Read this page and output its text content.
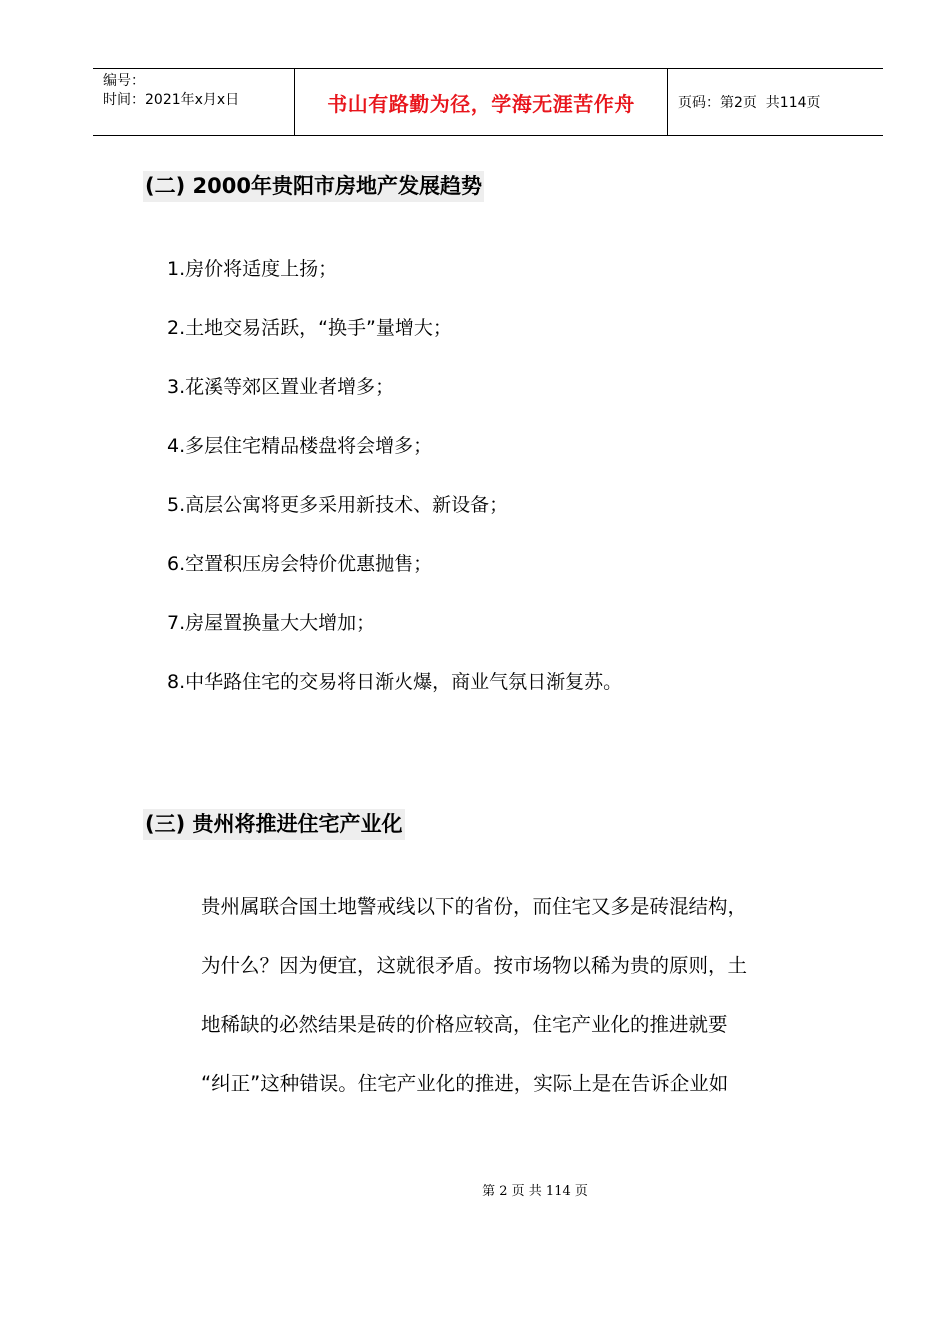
编号：
时间：2021年x月x日	书山有路勤为径，学海无涯苦作舟	页码：第2页  共114页
(二) 2000年贵阳市房地产发展趋势
1.房价将适度上扬；
2.土地交易活跃，“换手”量增大；
3.花溪等郊区置业者增多；
4.多层住宅精品楼盘将会增多；
5.高层公寓将更多采用新技术、新设备；
6.空置积压房会特价优惠抛售；
7.房屋置换量大大增加；
8.中华路住宅的交易将日渐火爆，商业气氛日渐复苏。
(三) 贵州将推进住宅产业化
贵州属联合国土地警戒线以下的省份，而住宅又多是砖混结构，
为什么？因为便宜，这就很矛盾。按市场物以稀为贵的原则，土
地稀缺的必然结果是砖的价格应较高，住宅产业化的推进就要
“纠正”这种错误。住宅产业化的推进，实际上是在告诉企业如
第 2 页 共 114 页
